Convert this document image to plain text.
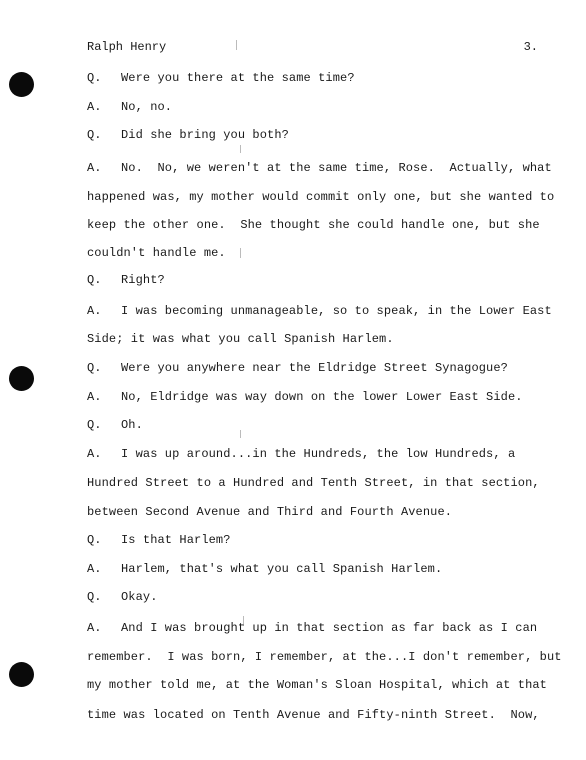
Ralph Henry	3.
Q. Were you there at the same time?
A. No, no.
Q. Did she bring you both?
A. No.  No, we weren't at the same time, Rose.  Actually, what
happened was, my mother would commit only one, but she wanted to
keep the other one.  She thought she could handle one, but she
couldn't handle me.
Q. Right?
A. I was becoming unmanageable, so to speak, in the Lower East
Side; it was what you call Spanish Harlem.
Q. Were you anywhere near the Eldridge Street Synagogue?
A. No, Eldridge was way down on the lower Lower East Side.
Q. Oh.
A. I was up around...in the Hundreds, the low Hundreds, a
Hundred Street to a Hundred and Tenth Street, in that section,
between Second Avenue and Third and Fourth Avenue.
Q. Is that Harlem?
A. Harlem, that's what you call Spanish Harlem.
Q. Okay.
A. And I was brought up in that section as far back as I can
remember.  I was born, I remember, at the...I don't remember, but
my mother told me, at the Woman's Sloan Hospital, which at that
time was located on Tenth Avenue and Fifty-ninth Street.  Now,
